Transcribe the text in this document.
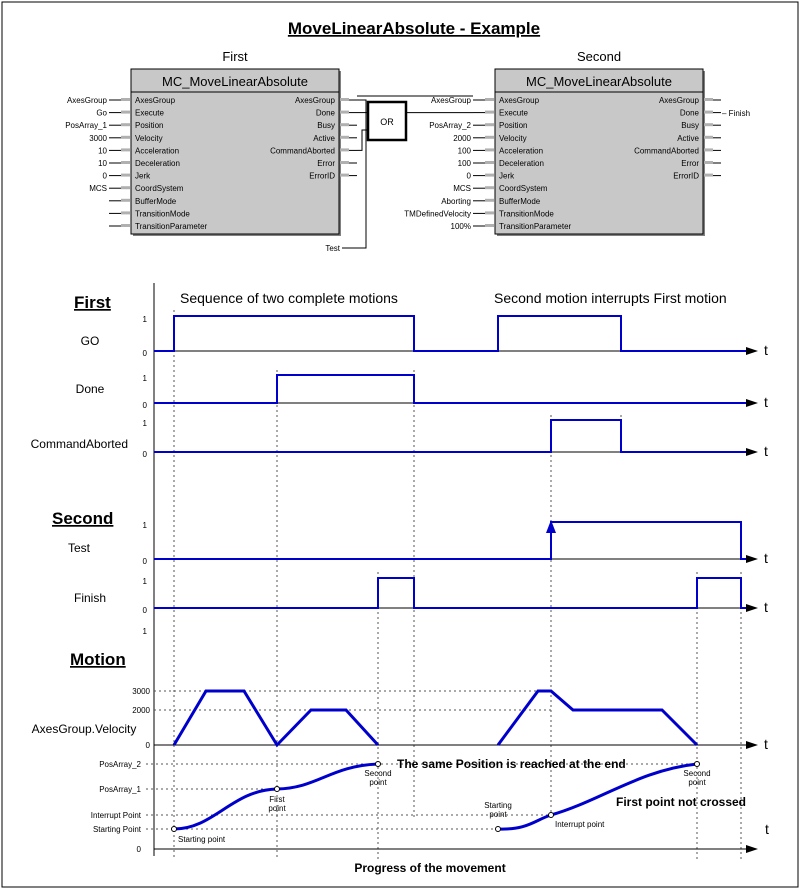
MoveLinearAbsolute - Example
First
MC_MoveLinearAbsolute
AxesGroup
AxesGroup
Execute
Go
Position
PosArray_1
Velocity
3000
Acceleration
10
Deceleration
10
Jerk
0
CoordSystem
MCS
BufferMode
TransitionMode
TransitionParameter
AxesGroup
Done
Busy
Active
CommandAborted
Error
ErrorID
Second
MC_MoveLinearAbsolute
AxesGroup
AxesGroup
Execute
Position
PosArray_2
Velocity
2000
Acceleration
100
Deceleration
100
Jerk
0
CoordSystem
MCS
BufferMode
Aborting
TransitionMode
TMDefinedVelocity
TransitionParameter
100%
AxesGroup
Done
Busy
Active
CommandAborted
Error
ErrorID
– Finish
OR
Test
First
Second
Motion
Sequence of two complete motions	Second motion interrupts First motion
GO
1
0	t
Done
1
0	t
CommandAborted
1
0	t
Test
1
0	t
Finish
1
0	t
1
AxesGroup.Velocity
3000
2000
0	t
PosArray_2
PosArray_1
Interrupt Point
Starting Point
0
t
Starting point
First point
Second point
Starting point
Interrupt point
Second point
The same Position is reached at the end
First point not crossed
Progress of the movement
